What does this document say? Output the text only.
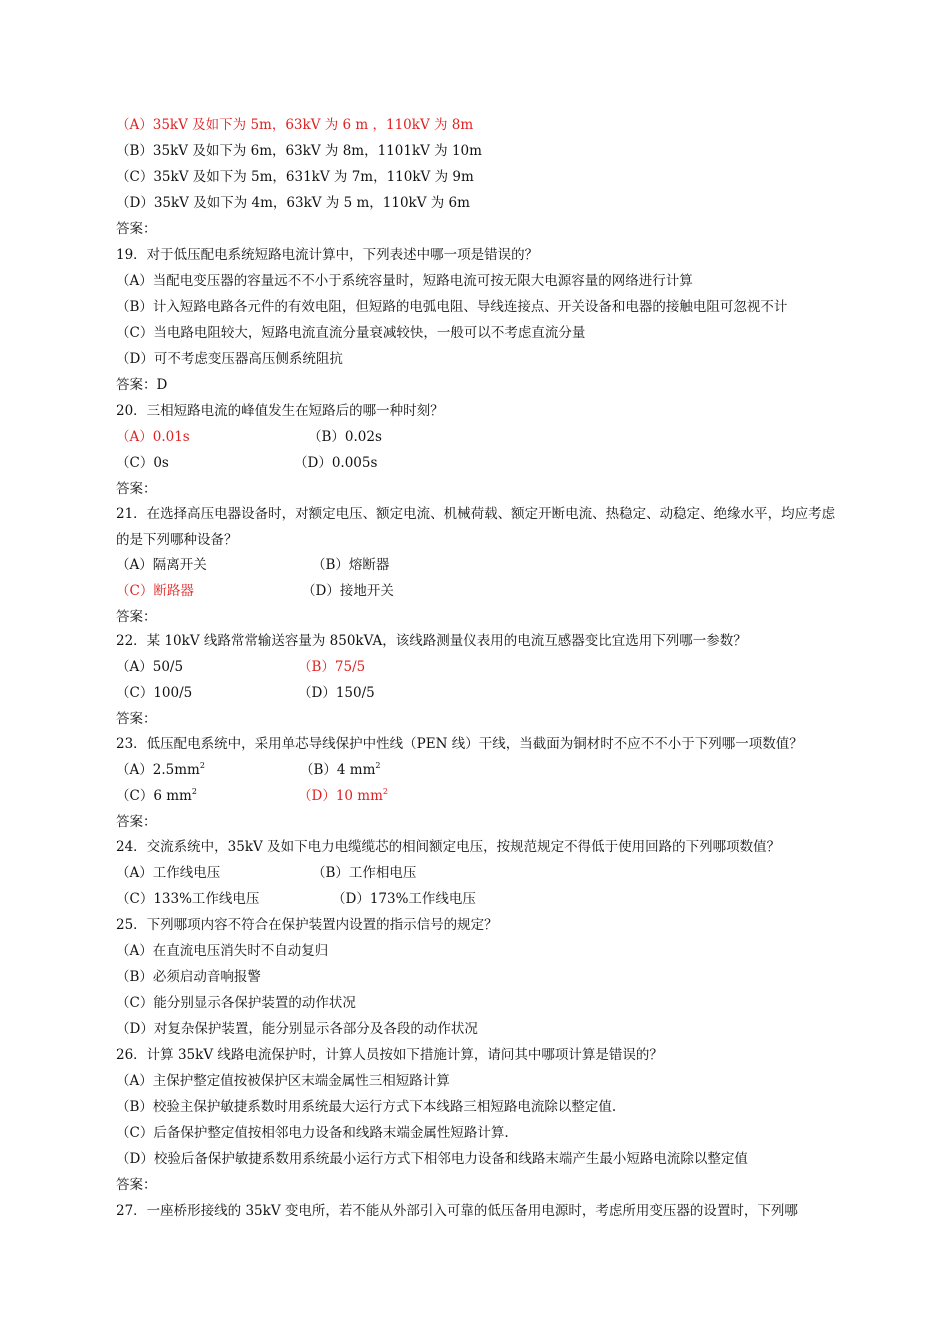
（A）35kV 及如下为 5m，63kV 为 6 m ，110kV 为 8m
（B）35kV 及如下为 6m，63kV 为 8m，1101kV 为 10m
（C）35kV 及如下为 5m，631kV 为 7m，110kV 为 9m
（D）35kV 及如下为 4m，63kV 为 5 m，110kV 为 6m
答案：
19．对于低压配电系统短路电流计算中，下列表述中哪一项是错误的？
（A）当配电变压器的容量远不不小于系统容量时，短路电流可按无限大电源容量的网络进行计算
（B）计入短路电路各元件的有效电阻，但短路的电弧电阻、导线连接点、开关设备和电器的接触电阻可忽视不计
（C）当电路电阻较大，短路电流直流分量衰减较快，一般可以不考虑直流分量
（D）可不考虑变压器高压侧系统阻抗
答案：D
20．三相短路电流的峰值发生在短路后的哪一种时刻？
（A）0.01s	（B）0.02s
（C）0s	（D）0.005s
答案：
21．在选择高压电器设备时，对额定电压、额定电流、机械荷载、额定开断电流、热稳定、动稳定、绝缘水平，均应考虑的是下列哪种设备？
（A）隔离开关	（B）熔断器
（C）断路器	（D）接地开关
答案：
22．某 10kV 线路常常输送容量为 850kVA，该线路测量仪表用的电流互感器变比宜选用下列哪一参数？
（A）50/5	（B）75/5
（C）100/5	（D）150/5
答案：
23．低压配电系统中，采用单芯导线保护中性线（PEN 线）干线，当截面为铜材时不应不不小于下列哪一项数值？
$(A)2.5mm^2$	（B）4 $mm^2$
（C）6 $mm^2$	（D）10 $mm^2$
答案：
24．交流系统中，35kV 及如下电力电缆缆芯的相间额定电压，按规范规定不得低于使用回路的下列哪项数值？
（A）工作线电压	（B）工作相电压
（C）133%工作线电压	（D）173%工作线电压
25．下列哪项内容不符合在保护装置内设置的指示信号的规定？
（A）在直流电压消失时不自动复归
（B）必须启动音响报警
（C）能分别显示各保护装置的动作状况
（D）对复杂保护装置，能分别显示各部分及各段的动作状况
26．计算 35kV 线路电流保护时，计算人员按如下措施计算，请问其中哪项计算是错误的？
（A）主保护整定值按被保护区末端金属性三相短路计算
（B）校验主保护敏捷系数时用系统最大运行方式下本线路三相短路电流除以整定值.
（C）后备保护整定值按相邻电力设备和线路末端金属性短路计算.
（D）校验后备保护敏捷系数用系统最小运行方式下相邻电力设备和线路末端产生最小短路电流除以整定值
答案：
27．一座桥形接线的 35kV 变电所，若不能从外部引入可靠的低压备用电源时，考虑所用变压器的设置时，下列哪
